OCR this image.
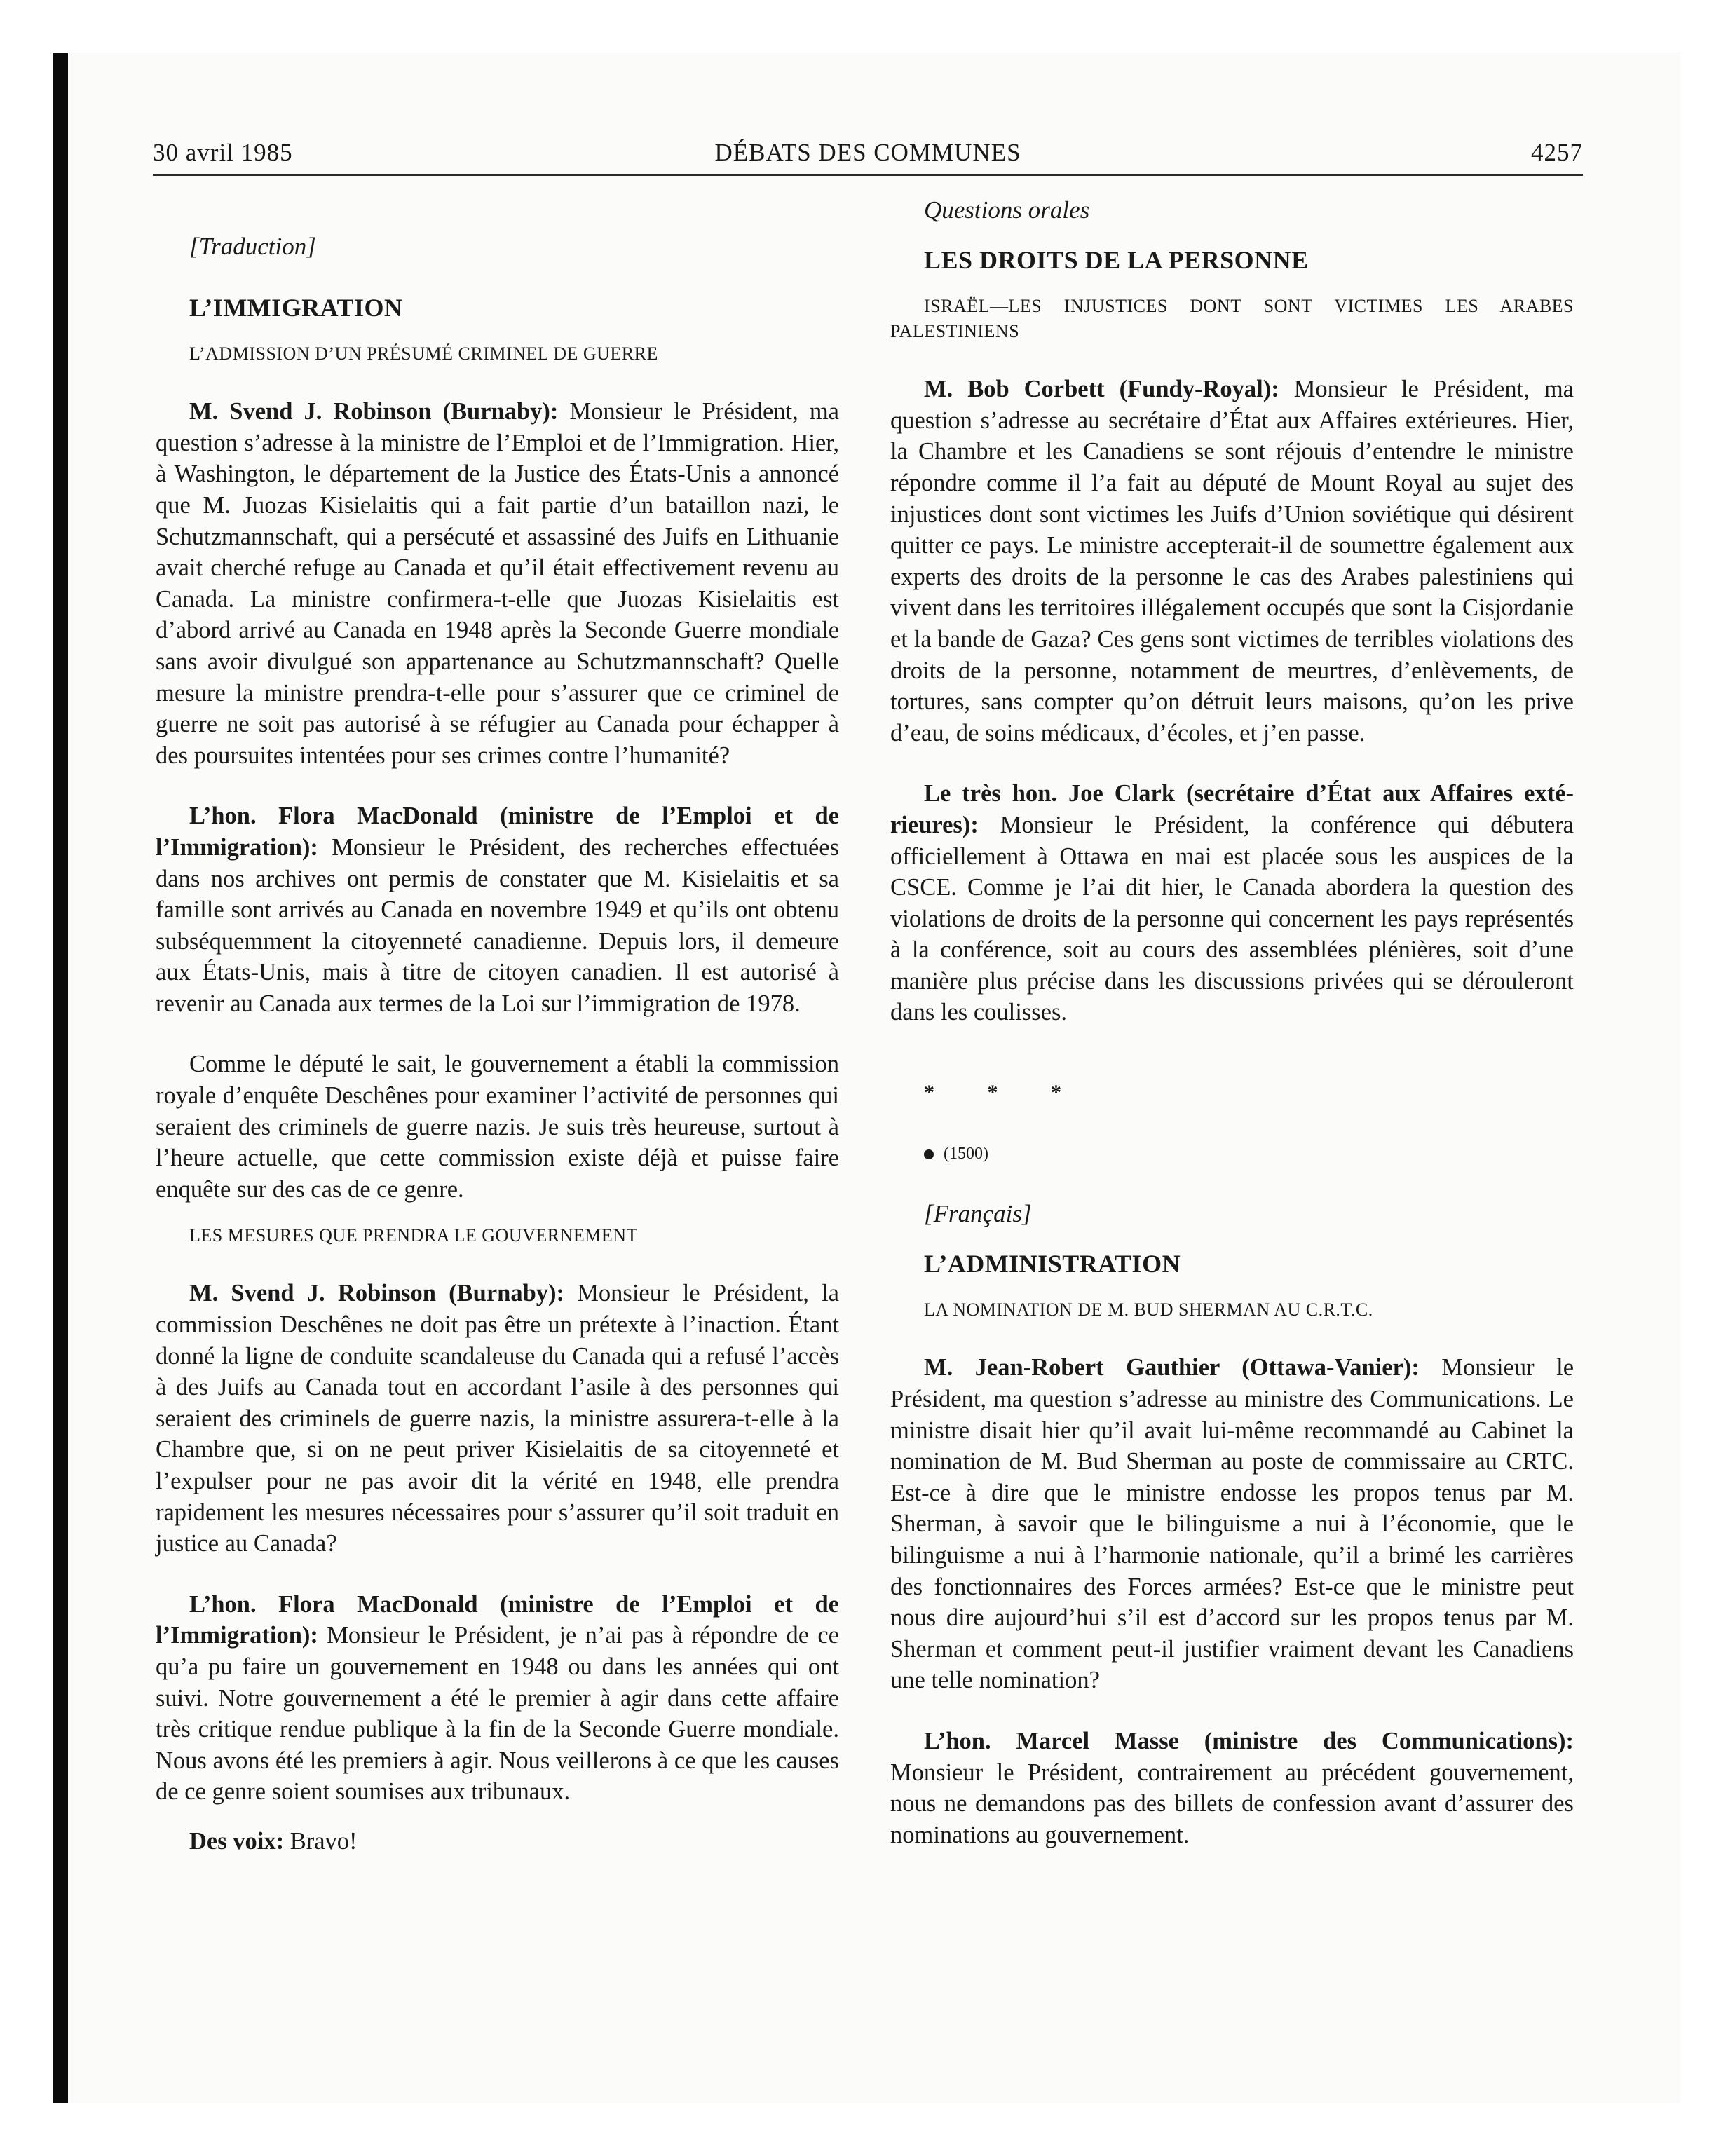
30 avril 1985	DÉBATS DES COMMUNES	4257

[Traduction]

L’IMMIGRATION

L’ADMISSION D’UN PRÉSUMÉ CRIMINEL DE GUERRE

M. Svend J. Robinson (Burnaby): Monsieur le Président, ma question s’adresse à la ministre de l’Emploi et de l’Immigration. Hier, à Washington, le département de la Justice des États-Unis a annoncé que M. Juozas Kisielaitis qui a fait partie d’un bataillon nazi, le Schutzmannschaft, qui a persécuté et assassiné des Juifs en Lithuanie avait cherché refuge au Canada et qu’il était effectivement revenu au Canada. La ministre confirmera-t-elle que Juozas Kisielaitis est d’abord arrivé au Canada en 1948 après la Seconde Guerre mondiale sans avoir divulgué son appartenance au Schutzmannschaft? Quelle mesure la ministre prendra-t-elle pour s’assurer que ce criminel de guerre ne soit pas autorisé à se réfugier au Canada pour échapper à des poursuites intentées pour ses crimes contre l’humanité?

L’hon. Flora MacDonald (ministre de l’Emploi et de l’Immigration): Monsieur le Président, des recherches effectuées dans nos archives ont permis de constater que M. Kisielaitis et sa famille sont arrivés au Canada en novembre 1949 et qu’ils ont obtenu subséquemment la citoyenneté canadienne. Depuis lors, il demeure aux États-Unis, mais à titre de citoyen canadien. Il est autorisé à revenir au Canada aux termes de la Loi sur l’immigration de 1978.

Comme le député le sait, le gouvernement a établi la commission royale d’enquête Deschênes pour examiner l’activité de personnes qui seraient des criminels de guerre nazis. Je suis très heureuse, surtout à l’heure actuelle, que cette commission existe déjà et puisse faire enquête sur des cas de ce genre.

LES MESURES QUE PRENDRA LE GOUVERNEMENT

M. Svend J. Robinson (Burnaby): Monsieur le Président, la commission Deschênes ne doit pas être un prétexte à l’inaction. Étant donné la ligne de conduite scandaleuse du Canada qui a refusé l’accès à des Juifs au Canada tout en accordant l’asile à des personnes qui seraient des criminels de guerre nazis, la ministre assurera-t-elle à la Chambre que, si on ne peut priver Kisielaitis de sa citoyenneté et l’expulser pour ne pas avoir dit la vérité en 1948, elle prendra rapidement les mesures nécessaires pour s’assurer qu’il soit traduit en justice au Canada?

L’hon. Flora MacDonald (ministre de l’Emploi et de l’Immigration): Monsieur le Président, je n’ai pas à répondre de ce qu’a pu faire un gouvernement en 1948 ou dans les années qui ont suivi. Notre gouvernement a été le premier à agir dans cette affaire très critique rendue publique à la fin de la Seconde Guerre mondiale. Nous avons été les premiers à agir. Nous veillerons à ce que les causes de ce genre soient soumises aux tribunaux.

Des voix: Bravo!

Questions orales

LES DROITS DE LA PERSONNE

ISRAËL—LES INJUSTICES DONT SONT VICTIMES LES ARABES PALESTINIENS

M. Bob Corbett (Fundy-Royal): Monsieur le Président, ma question s’adresse au secrétaire d’État aux Affaires extérieures. Hier, la Chambre et les Canadiens se sont réjouis d’entendre le ministre répondre comme il l’a fait au député de Mount Royal au sujet des injustices dont sont victimes les Juifs d’Union soviétique qui désirent quitter ce pays. Le ministre accepterait-il de soumettre également aux experts des droits de la personne le cas des Arabes palestiniens qui vivent dans les territoires illégalement occupés que sont la Cisjordanie et la bande de Gaza? Ces gens sont victimes de terribles violations des droits de la personne, notamment de meurtres, d’enlèvements, de tortures, sans compter qu’on détruit leurs maisons, qu’on les prive d’eau, de soins médicaux, d’écoles, et j’en passe.

Le très hon. Joe Clark (secrétaire d’État aux Affaires extérieures): Monsieur le Président, la conférence qui débutera officiellement à Ottawa en mai est placée sous les auspices de la CSCE. Comme je l’ai dit hier, le Canada abordera la question des violations de droits de la personne qui concernent les pays représentés à la conférence, soit au cours des assemblées plénières, soit d’une manière plus précise dans les discussions privées qui se dérouleront dans les coulisses.

* * *

(1500)

[Français]

L’ADMINISTRATION

LA NOMINATION DE M. BUD SHERMAN AU C.R.T.C.

M. Jean-Robert Gauthier (Ottawa-Vanier): Monsieur le Président, ma question s’adresse au ministre des Communications. Le ministre disait hier qu’il avait lui-même recommandé au Cabinet la nomination de M. Bud Sherman au poste de commissaire au CRTC. Est-ce à dire que le ministre endosse les propos tenus par M. Sherman, à savoir que le bilinguisme a nui à l’économie, que le bilinguisme a nui à l’harmonie nationale, qu’il a brimé les carrières des fonctionnaires des Forces armées? Est-ce que le ministre peut nous dire aujourd’hui s’il est d’accord sur les propos tenus par M. Sherman et comment peut-il justifier vraiment devant les Canadiens une telle nomination?

L’hon. Marcel Masse (ministre des Communications): Monsieur le Président, contrairement au précédent gouvernement, nous ne demandons pas des billets de confession avant d’assurer des nominations au gouvernement.
